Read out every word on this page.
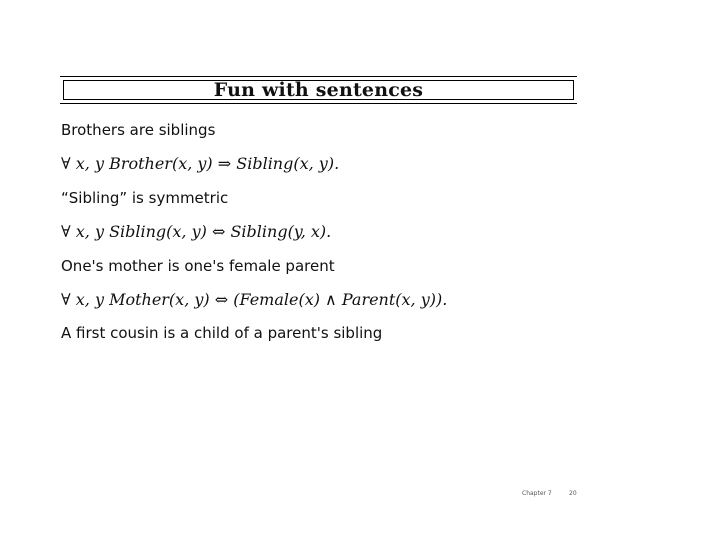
Fun with sentences
Brothers are siblings
∀ x, y Brother(x, y) ⇒ Sibling(x, y).
“Sibling” is symmetric
∀ x, y Sibling(x, y) ⇔ Sibling(y, x).
One's mother is one's female parent
∀ x, y Mother(x, y) ⇔ (Female(x) ∧ Parent(x, y)).
A first cousin is a child of a parent's sibling
Chapter 7	20
